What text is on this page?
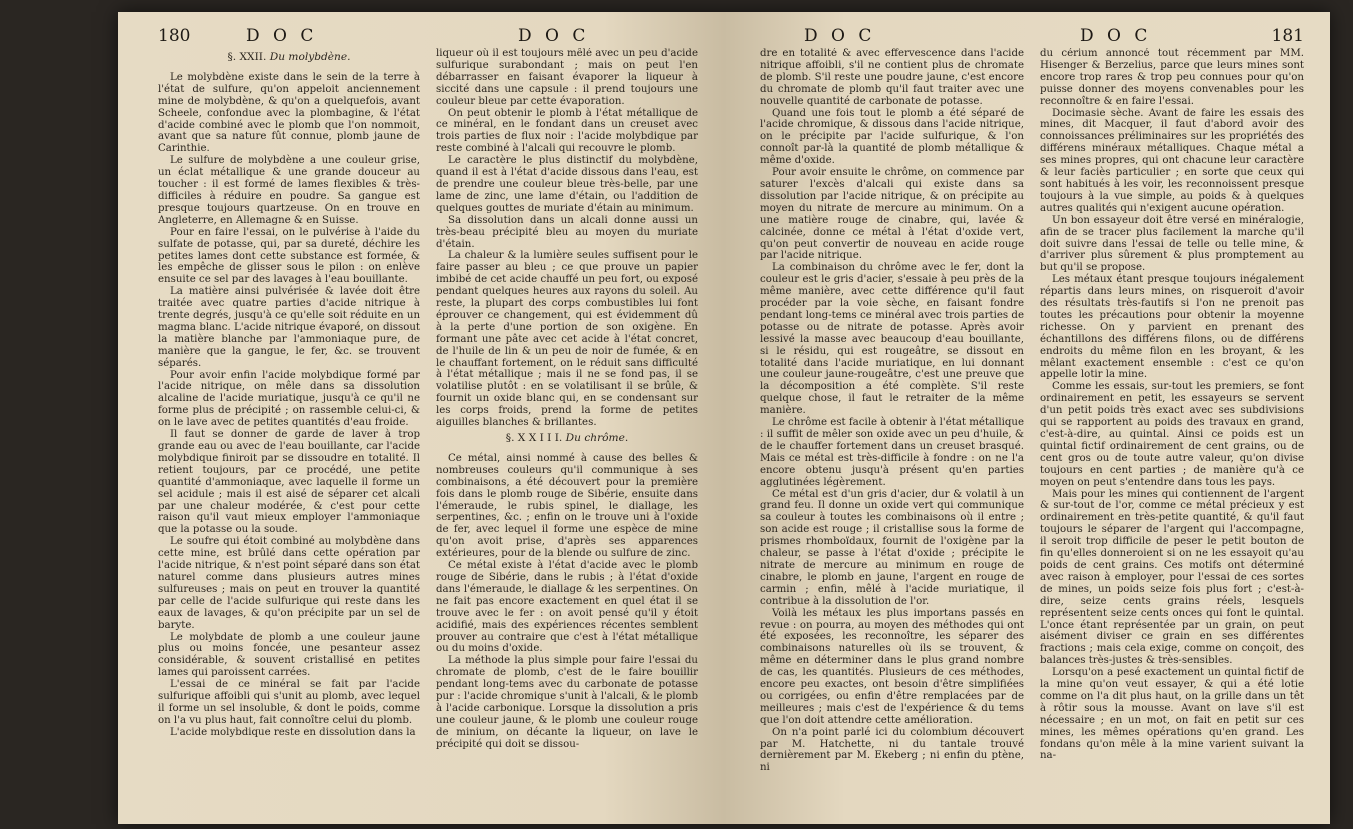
180	D O C	D O C

§. XXII. Du molybdène.

Le molybdène existe dans le sein de la terre à l'état de sulfure, qu'on appeloit anciennement mine de molybdène, & qu'on a quelquefois, avant Scheele, confondue avec la plombagine, & l'état d'acide combiné avec le plomb que l'on nommoit, avant que sa nature fût connue, plomb jaune de Carinthie.

Le sulfure de molybdène a une couleur grise, un éclat métallique & une grande douceur au toucher : il est formé de lames flexibles & très-difficiles à réduire en poudre. Sa gangue est presque toujours quartzeuse. On en trouve en Angleterre, en Allemagne & en Suisse.

Pour en faire l'essai, on le pulvérise à l'aide du sulfate de potasse, qui, par sa dureté, déchire les petites lames dont cette substance est formée, & les empêche de glisser sous le pilon : on enlève ensuite ce sel par des lavages à l'eau bouillante.

La matière ainsi pulvérisée & lavée doit être traitée avec quatre parties d'acide nitrique à trente degrés, jusqu'à ce qu'elle soit réduite en un magma blanc. L'acide nitrique évaporé, on dissout la matière blanche par l'ammoniaque pure, de manière que la gangue, le fer, &c. se trouvent séparés.

Pour avoir enfin l'acide molybdique formé par l'acide nitrique, on mêle dans sa dissolution alcaline de l'acide muriatique, jusqu'à ce qu'il ne forme plus de précipité ; on rassemble celui-ci, & on le lave avec de petites quantités d'eau froide.

Il faut se donner de garde de laver à trop grande eau ou avec de l'eau bouillante, car l'acide molybdique finiroit par se dissoudre en totalité. Il retient toujours, par ce procédé, une petite quantité d'ammoniaque, avec laquelle il forme un sel acidule ; mais il est aisé de séparer cet alcali par une chaleur modérée, & c'est pour cette raison qu'il vaut mieux employer l'ammoniaque que la potasse ou la soude.

Le soufre qui étoit combiné au molybdène dans cette mine, est brûlé dans cette opération par l'acide nitrique, & n'est point séparé dans son état naturel comme dans plusieurs autres mines sulfureuses ; mais on peut en trouver la quantité par celle de l'acide sulfurique qui reste dans les eaux de lavages, & qu'on précipite par un sel de baryte.

Le molybdate de plomb a une couleur jaune plus ou moins foncée, une pesanteur assez considérable, & souvent cristallisé en petites lames qui paroissent carrées.

L'essai de ce minéral se fait par l'acide sulfurique affoibli qui s'unit au plomb, avec lequel il forme un sel insoluble, & dont le poids, comme on l'a vu plus haut, fait connoître celui du plomb.

L'acide molybdique reste en dissolution dans la

liqueur où il est toujours mêlé avec un peu d'acide sulfurique surabondant ; mais on peut l'en débarrasser en faisant évaporer la liqueur à siccité dans une capsule : il prend toujours une couleur bleue par cette évaporation.

On peut obtenir le plomb à l'état métallique de ce minéral, en le fondant dans un creuset avec trois parties de flux noir : l'acide molybdique par reste combiné à l'alcali qui recouvre le plomb.

Le caractère le plus distinctif du molybdène, quand il est à l'état d'acide dissous dans l'eau, est de prendre une couleur bleue très-belle, par une lame de zinc, une lame d'étain, ou l'addition de quelques gouttes de muriate d'étain au minimum.

Sa dissolution dans un alcali donne aussi un très-beau précipité bleu au moyen du muriate d'étain.

La chaleur & la lumière seules suffisent pour le faire passer au bleu ; ce que prouve un papier imbibé de cet acide chauffé un peu fort, ou exposé pendant quelques heures aux rayons du soleil. Au reste, la plupart des corps combustibles lui font éprouver ce changement, qui est évidemment dû à la perte d'une portion de son oxigène. En formant une pâte avec cet acide à l'état concret, de l'huile de lin & un peu de noir de fumée, & en le chauffant fortement, on le réduit sans difficulté à l'état métallique ; mais il ne se fond pas, il se volatilise plutôt : en se volatilisant il se brûle, & fournit un oxide blanc qui, en se condensant sur les corps froids, prend la forme de petites aiguilles blanches & brillantes.

§. X X I I I. Du chrôme.

Ce métal, ainsi nommé à cause des belles & nombreuses couleurs qu'il communique à ses combinaisons, a été découvert pour la première fois dans le plomb rouge de Sibérie, ensuite dans l'émeraude, le rubis spinel, le diallage, les serpentines, &c. ; enfin on le trouve uni à l'oxide de fer, avec lequel il forme une espèce de mine qu'on avoit prise, d'après ses apparences extérieures, pour de la blende ou sulfure de zinc.

Ce métal existe à l'état d'acide avec le plomb rouge de Sibérie, dans le rubis ; à l'état d'oxide dans l'émeraude, le diallage & les serpentines. On ne fait pas encore exactement en quel état il se trouve avec le fer : on avoit pensé qu'il y étoit acidifié, mais des expériences récentes semblent prouver au contraire que c'est à l'état métallique ou du moins d'oxide.

La méthode la plus simple pour faire l'essai du chromate de plomb, c'est de le faire bouillir pendant long-tems avec du carbonate de potasse pur : l'acide chromique s'unit à l'alcali, & le plomb à l'acide carbonique. Lorsque la dissolution a pris une couleur jaune, & le plomb une couleur rouge de minium, on décante la liqueur, on lave le précipité qui doit se dissou-

D O C	D O C	181

dre en totalité & avec effervescence dans l'acide nitrique affoibli, s'il ne contient plus de chromate de plomb. S'il reste une poudre jaune, c'est encore du chromate de plomb qu'il faut traiter avec une nouvelle quantité de carbonate de potasse.

Quand une fois tout le plomb a été séparé de l'acide chromique, & dissous dans l'acide nitrique, on le précipite par l'acide sulfurique, & l'on connoît par-là la quantité de plomb métallique & même d'oxide.

Pour avoir ensuite le chrôme, on commence par saturer l'excès d'alcali qui existe dans sa dissolution par l'acide nitrique, & on précipite au moyen du nitrate de mercure au minimum. On a une matière rouge de cinabre, qui, lavée & calcinée, donne ce métal à l'état d'oxide vert, qu'on peut convertir de nouveau en acide rouge par l'acide nitrique.

La combinaison du chrôme avec le fer, dont la couleur est le gris d'acier, s'essaie à peu près de la même manière, avec cette différence qu'il faut procéder par la voie sèche, en faisant fondre pendant long-tems ce minéral avec trois parties de potasse ou de nitrate de potasse. Après avoir lessivé la masse avec beaucoup d'eau bouillante, si le résidu, qui est rougeâtre, se dissout en totalité dans l'acide muriatique, en lui donnant une couleur jaune-rougeâtre, c'est une preuve que la décomposition a été complète. S'il reste quelque chose, il faut le retraiter de la même manière.

Le chrôme est facile à obtenir à l'état métallique : il suffit de mêler son oxide avec un peu d'huile, & de le chauffer fortement dans un creuset brasqué. Mais ce métal est très-difficile à fondre : on ne l'a encore obtenu jusqu'à présent qu'en parties agglutinées légèrement.

Ce métal est d'un gris d'acier, dur & volatil à un grand feu. Il donne un oxide vert qui communique sa couleur à toutes les combinaisons où il entre ; son acide est rouge ; il cristallise sous la forme de prismes rhomboïdaux, fournit de l'oxigène par la chaleur, se passe à l'état d'oxide ; précipite le nitrate de mercure au minimum en rouge de cinabre, le plomb en jaune, l'argent en rouge de carmin ; enfin, mêlé à l'acide muriatique, il contribue à la dissolution de l'or.

Voilà les métaux les plus importans passés en revue : on pourra, au moyen des méthodes qui ont été exposées, les reconnoître, les séparer des combinaisons naturelles où ils se trouvent, & même en déterminer dans le plus grand nombre de cas, les quantités. Plusieurs de ces méthodes, encore peu exactes, ont besoin d'être simplifiées ou corrigées, ou enfin d'être remplacées par de meilleures ; mais c'est de l'expérience & du tems que l'on doit attendre cette amélioration.

On n'a point parlé ici du colombium découvert par M. Hatchette, ni du tantale trouvé dernièrement par M. Ekeberg ; ni enfin du ptène, ni

du cérium annoncé tout récemment par MM. Hisenger & Berzelius, parce que leurs mines sont encore trop rares & trop peu connues pour qu'on puisse donner des moyens convenables pour les reconnoître & en faire l'essai.

Docimasie sèche. Avant de faire les essais des mines, dit Macquer, il faut d'abord avoir des connoissances préliminaires sur les propriétés des différens minéraux métalliques. Chaque métal a ses mines propres, qui ont chacune leur caractère & leur faciès particulier ; en sorte que ceux qui sont habitués à les voir, les reconnoissent presque toujours à la vue simple, au poids & à quelques autres qualités qui n'exigent aucune opération.

Un bon essayeur doit être versé en minéralogie, afin de se tracer plus facilement la marche qu'il doit suivre dans l'essai de telle ou telle mine, & d'arriver plus sûrement & plus promptement au but qu'il se propose.

Les métaux étant presque toujours inégalement répartis dans leurs mines, on risqueroit d'avoir des résultats très-fautifs si l'on ne prenoit pas toutes les précautions pour obtenir la moyenne richesse. On y parvient en prenant des échantillons des différens filons, ou de différens endroits du même filon en les broyant, & les mêlant exactement ensemble : c'est ce qu'on appelle lotir la mine.

Comme les essais, sur-tout les premiers, se font ordinairement en petit, les essayeurs se servent d'un petit poids très exact avec ses subdivisions qui se rapportent au poids des travaux en grand, c'est-à-dire, au quintal. Ainsi ce poids est un quintal fictif ordinairement de cent grains, ou de cent gros ou de toute autre valeur, qu'on divise toujours en cent parties ; de manière qu'à ce moyen on peut s'entendre dans tous les pays.

Mais pour les mines qui contiennent de l'argent & sur-tout de l'or, comme ce métal précieux y est ordinairement en très-petite quantité, & qu'il faut toujours le séparer de l'argent qui l'accompagne, il seroit trop difficile de peser le petit bouton de fin qu'elles donneroient si on ne les essayoit qu'au poids de cent grains. Ces motifs ont déterminé avec raison à employer, pour l'essai de ces sortes de mines, un poids seize fois plus fort ; c'est-à-dire, seize cents grains réels, lesquels représentent seize cents onces qui font le quintal. L'once étant représentée par un grain, on peut aisément diviser ce grain en ses différentes fractions ; mais cela exige, comme on conçoit, des balances très-justes & très-sensibles.

Lorsqu'on a pesé exactement un quintal fictif de la mine qu'on veut essayer, & qui a été lotie comme on l'a dit plus haut, on la grille dans un têt à rôtir sous la mousse. Avant on lave s'il est nécessaire ; en un mot, on fait en petit sur ces mines, les mêmes opérations qu'en grand. Les fondans qu'on mêle à la mine varient suivant la na-
